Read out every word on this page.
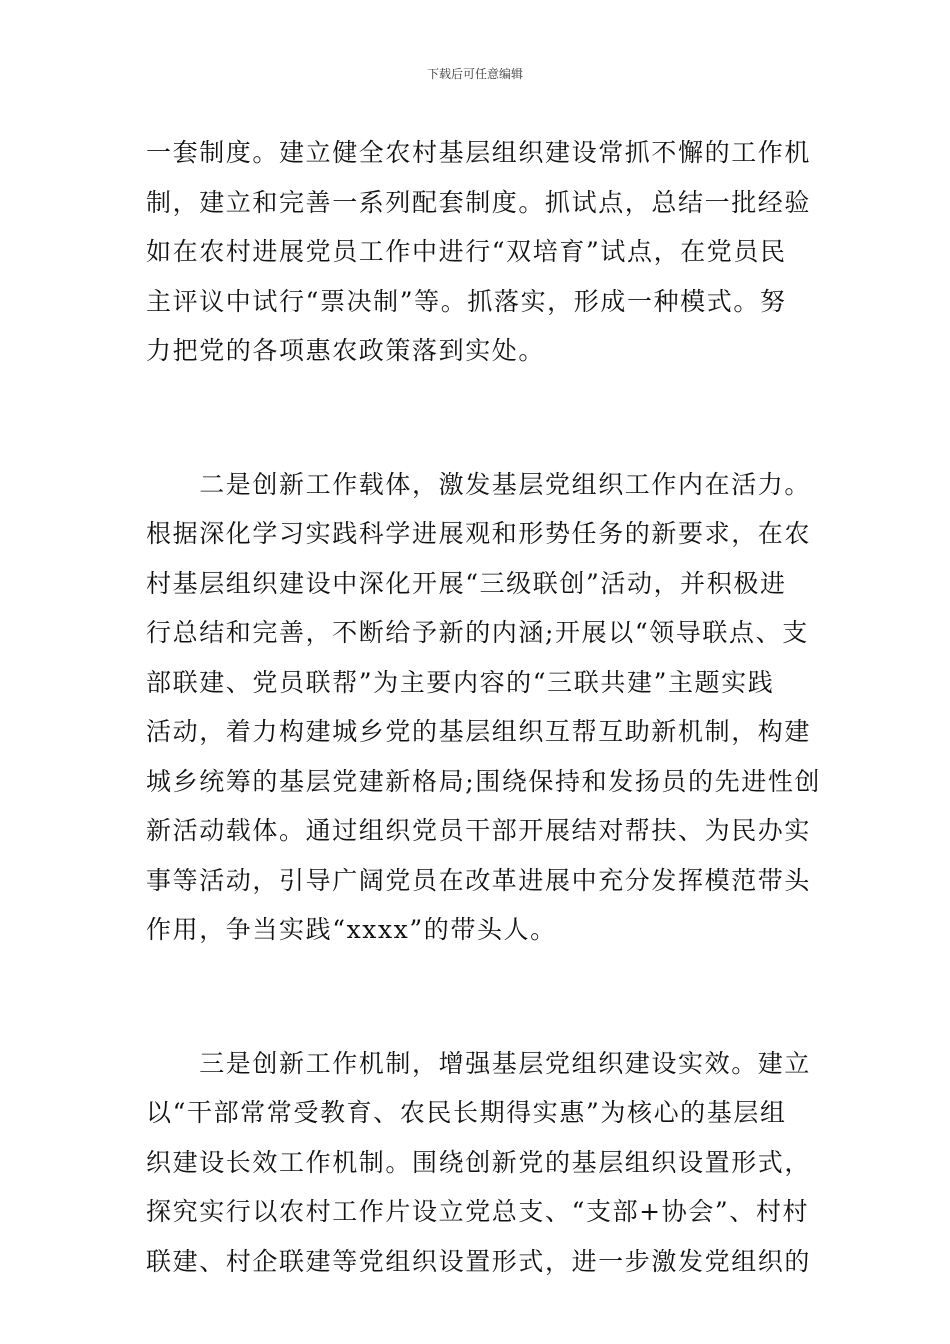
下载后可任意编辑

一套制度。建立健全农村基层组织建设常抓不懈的工作机
制，建立和完善一系列配套制度。抓试点，总结一批经验
如在农村进展党员工作中进行“双培育”试点，在党员民
主评议中试行“票决制”等。抓落实，形成一种模式。努
力把党的各项惠农政策落到实处。

　　二是创新工作载体，激发基层党组织工作内在活力。
根据深化学习实践科学进展观和形势任务的新要求，在农
村基层组织建设中深化开展“三级联创”活动，并积极进
行总结和完善，不断给予新的内涵;开展以“领导联点、支
部联建、党员联帮”为主要内容的“三联共建”主题实践
活动，着力构建城乡党的基层组织互帮互助新机制，构建
城乡统筹的基层党建新格局;围绕保持和发扬员的先进性创
新活动载体。通过组织党员干部开展结对帮扶、为民办实
事等活动，引导广阔党员在改革进展中充分发挥模范带头
作用，争当实践“xxxx”的带头人。

　　三是创新工作机制，增强基层党组织建设实效。建立
以“干部常常受教育、农民长期得实惠”为核心的基层组
织建设长效工作机制。围绕创新党的基层组织设置形式，
探究实行以农村工作片设立党总支、“支部+协会”、村村
联建、村企联建等党组织设置形式，进一步激发党组织的
